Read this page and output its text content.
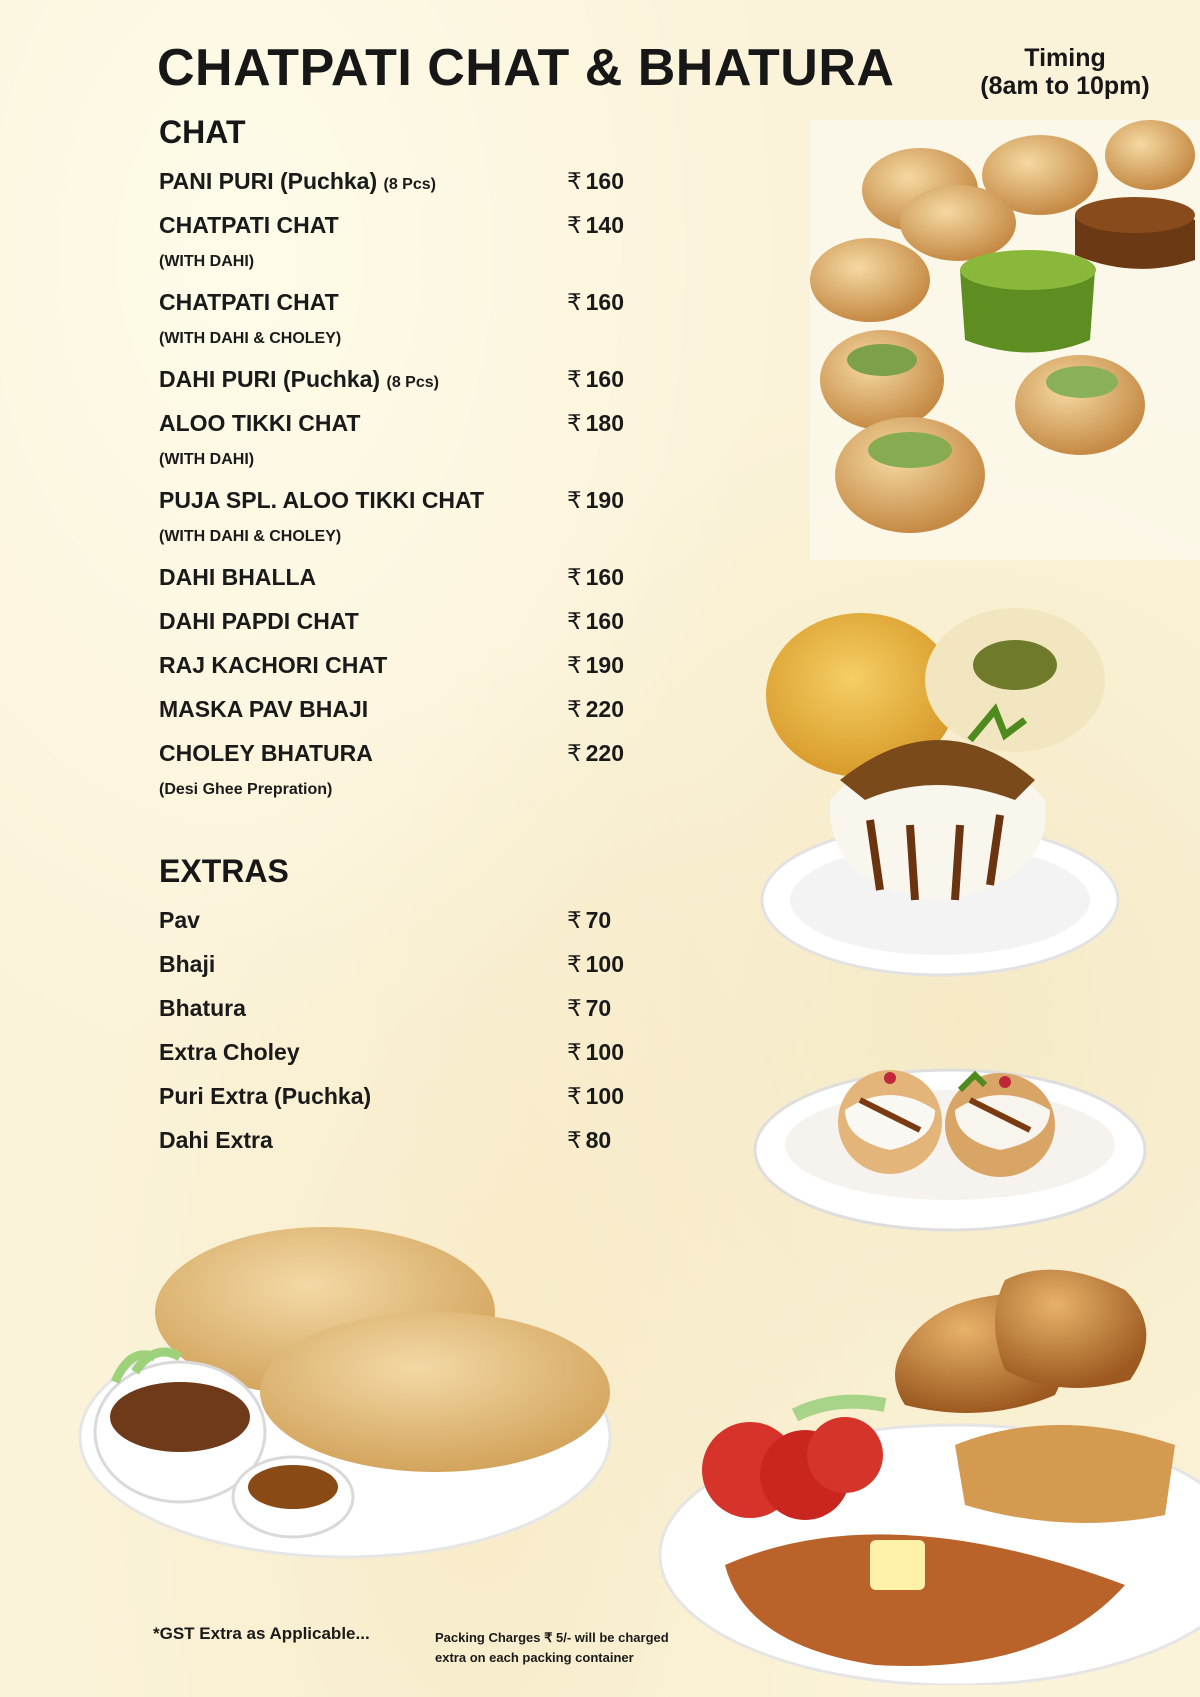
CHATPATI CHAT & BHATURA	Timing
(8am to 10pm)
CHAT
PANI PURI (Puchka) (8 Pcs)	₹ 160
CHATPATI CHAT	₹ 140
(WITH DAHI)
CHATPATI CHAT	₹ 160
(WITH DAHI & CHOLEY)
DAHI PURI (Puchka) (8 Pcs)	₹ 160
ALOO TIKKI CHAT	₹ 180
(WITH DAHI)
PUJA SPL. ALOO TIKKI CHAT	₹ 190
(WITH DAHI & CHOLEY)
DAHI BHALLA	₹ 160
DAHI PAPDI CHAT	₹ 160
RAJ KACHORI CHAT	₹ 190
MASKA PAV BHAJI	₹ 220
CHOLEY BHATURA	₹ 220
(Desi Ghee Prepration)
EXTRAS
Pav	₹ 70
Bhaji	₹ 100
Bhatura	₹ 70
Extra Choley	₹ 100
Puri Extra (Puchka)	₹ 100
Dahi Extra	₹ 80
*GST Extra as Applicable...	Packing Charges ₹ 5/- will be charged
extra on each packing container
